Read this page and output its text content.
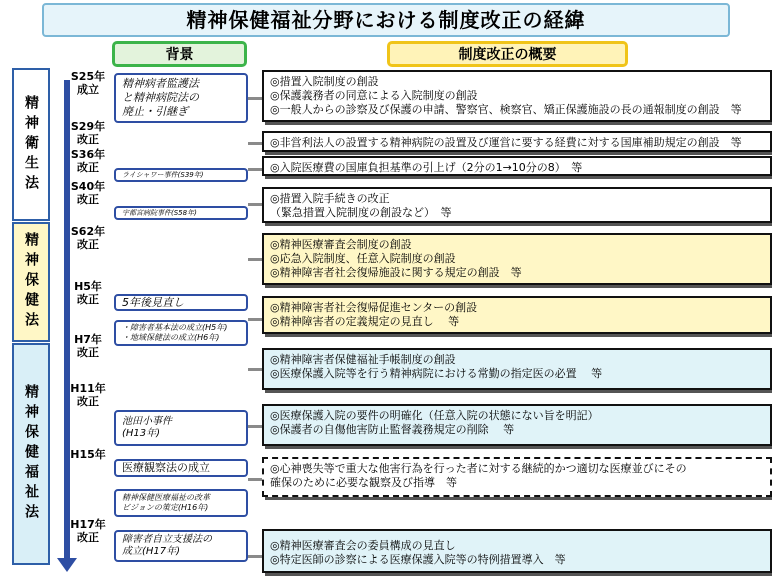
精神保健福祉分野における制度改正の経緯
背景	制度改正の概要
精神衛生法
精神保健法
精神保健福祉法
S25年
成立
S29年
改正
S36年
改正
S40年
改正
S62年
改正
H5年
改正
H7年
改正
H11年
改正
H15年
H17年
改正
精神病者監護法
と精神病院法の
廃止・引継ぎ
ライシャワー事件(S39年)
宇都宮病院事件(S58年)
5年後見直し
・障害者基本法の成立(H5年)
・地域保健法の成立(H6年)
池田小事件
(H13年)
医療観察法の成立
精神保健医療福祉の改革
ビジョンの策定(H16年)
障害者自立支援法の
成立(H17年)
◎措置入院制度の創設
◎保護義務者の同意による入院制度の創設
◎一般人からの診察及び保護の申請、警察官、検察官、矯正保護施設の長の通報制度の創設　等
◎非営利法人の設置する精神病院の設置及び運営に要する経費に対する国庫補助規定の創設　等
◎入院医療費の国庫負担基準の引上げ（2分の1→10分の8）　等
◎措置入院手続きの改正
（緊急措置入院制度の創設など）　等
◎精神医療審査会制度の創設
◎応急入院制度、任意入院制度の創設
◎精神障害者社会復帰施設に関する規定の創設　等
◎精神障害者社会復帰促進センターの創設
◎精神障害者の定義規定の見直し　 等
◎精神障害者保健福祉手帳制度の創設
◎医療保護入院等を行う精神病院における常勤の指定医の必置　 等
◎医療保護入院の要件の明確化（任意入院の状態にない旨を明記）
◎保護者の自傷他害防止監督義務規定の削除　 等
◎心神喪失等で重大な他害行為を行った者に対する継続的かつ適切な医療並びにその
確保のために必要な観察及び指導　等
◎精神医療審査会の委員構成の見直し
◎特定医師の診察による医療保護入院等の特例措置導入　等
